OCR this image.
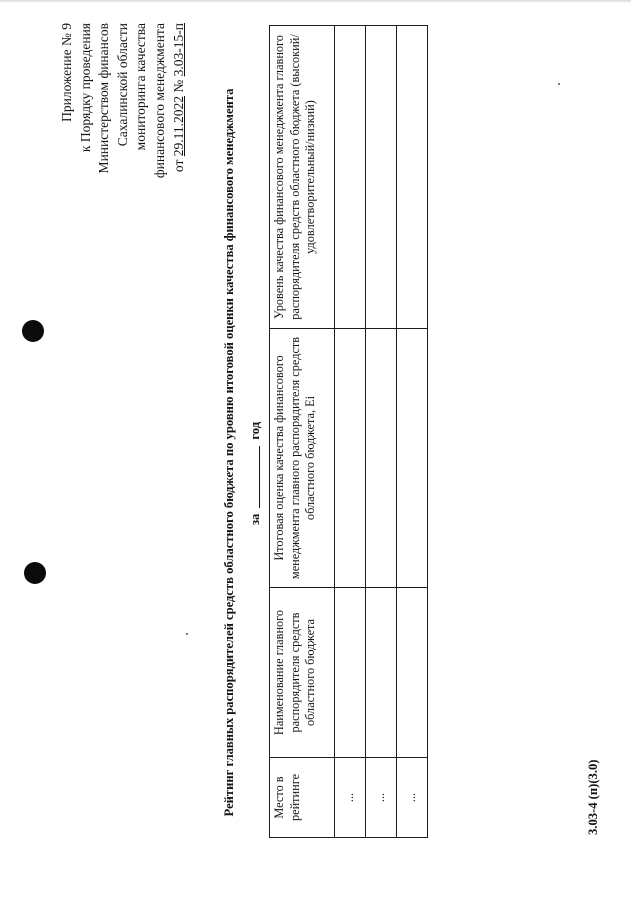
Приложение № 9 к Порядку проведения Министерством финансов Сахалинской области мониторинга качества финансового менеджмента от 29.11.2022 № 3.03-15-п
Рейтинг главных распорядителей средств областного бюджета по уровню итоговой оценки качества финансового менеджмента загод
Место в рейтинге	Наименование главного распорядителя средств областного бюджета	Итоговая оценка качества финансового менеджмента главного распорядителя средств областного бюджета, Ei	Уровень качества финансового менеджмента главного распорядителя средств областного бюджета (высокий/удовлетворительный/низкий)
...			
...			
...				3.03-4 (п)(3.0)
